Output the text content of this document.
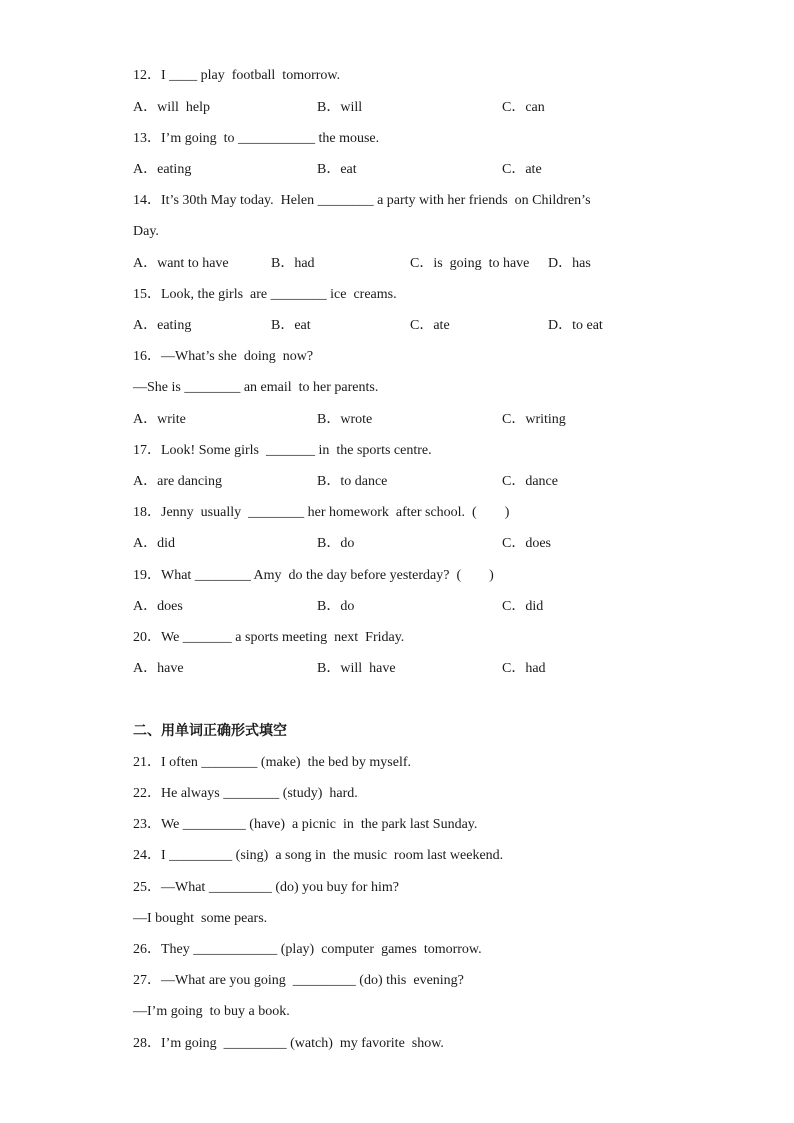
12．I ____ play  football  tomorrow.
A．will  help	B．will	C．can
13．I’m going  to ___________ the mouse.
A．eating	B．eat	C．ate
14．It’s 30th May today.  Helen ________ a party with her friends  on Children’s
Day.
A．want to have	B．had	C．is  going  to have D．has
15．Look, the girls  are ________ ice  creams.
A．eating	B．eat	C．ate	D．to eat
16．—What’s she  doing  now?
—She is ________ an email  to her parents.
A．write	B．wrote	C．writing
17．Look! Some girls  _______ in  the sports centre.
A．are dancing	B．to dance	C．dance
18．Jenny  usually  ________ her homework  after school.  (        )
A．did	B．do	C．does
19．What ________ Amy  do the day before yesterday?  (        )
A．does	B．do	C．did
20．We _______ a sports meeting  next  Friday.
A．have	B．will  have	C．had
二、用单词正确形式填空
21．I often ________ (make)  the bed by myself.
22．He always ________ (study)  hard.
23．We _________ (have)  a picnic  in  the park last Sunday.
24．I _________ (sing)  a song in  the music  room last weekend.
25．—What _________ (do) you buy for him?
—I bought  some pears.
26．They ____________ (play)  computer  games  tomorrow.
27．—What are you going  _________ (do) this  evening?
—I’m going  to buy a book.
28．I’m going  _________ (watch)  my favorite  show.
